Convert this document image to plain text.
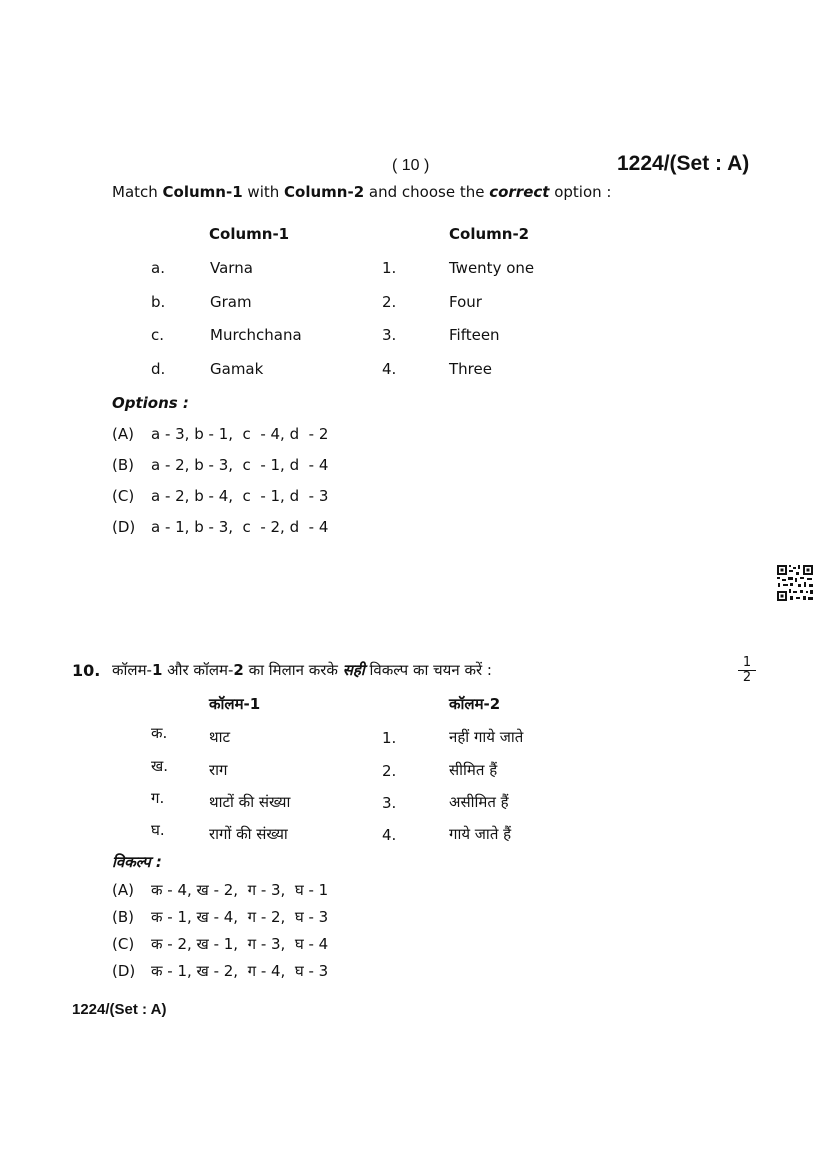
( 10 )	1224/(Set : A)
Match Column-1 with Column-2 and choose the correct option :
Column-1	Column-2
a.	Varna	1.	Twenty one
b.	Gram	2.	Four
c.	Murchchana	3.	Fifteen
d.	Gamak	4.	Three
Options :
(A) a - 3, b - 1,  c  - 4, d  - 2
(B) a - 2, b - 3,  c  - 1, d  - 4
(C) a - 2, b - 4,  c  - 1, d  - 3
(D) a - 1, b - 3,  c  - 2, d  - 4
10. कॉलम-1 और कॉलम-2 का मिलान करके सही विकल्प का चयन करें :	$\frac{1}{2}$
कॉलम-1	कॉलम-2
क.	थाट	1.	नहीं गाये जाते
ख.	राग	2.	सीमित हैं
ग.	थाटों की संख्या	3.	असीमित हैं
घ.	रागों की संख्या	4.	गाये जाते हैं
विकल्प :
(A) क - 4, ख - 2,  ग - 3,  घ - 1
(B) क - 1, ख - 4,  ग - 2,  घ - 3
(C) क - 2, ख - 1,  ग - 3,  घ - 4
(D) क - 1, ख - 2,  ग - 4,  घ - 3
1224/(Set : A)
